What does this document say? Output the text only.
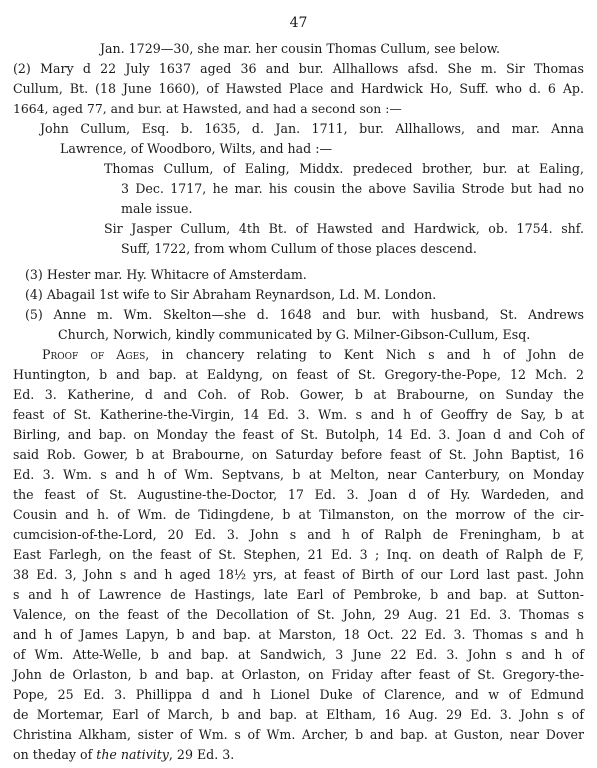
47
Jan. 1729—30, she mar. her cousin Thomas Cullum, see below.
(2) Mary d 22 July 1637 aged 36 and bur. Allhallows afsd. She m. Sir Thomas
Cullum, Bt. (18 June 1660), of Hawsted Place and Hardwick Ho, Suff. who d. 6 Ap.
1664, aged 77, and bur. at Hawsted, and had a second son :—
John Cullum, Esq. b. 1635, d. Jan. 1711, bur. Allhallows, and mar. Anna
Lawrence, of Woodboro, Wilts, and had :—
Thomas Cullum, of Ealing, Middx. predeced brother, bur. at Ealing,
3 Dec. 1717, he mar. his cousin the above Savilia Strode but had no
male issue.
Sir Jasper Cullum, 4th Bt. of Hawsted and Hardwick, ob. 1754. shf.
Suff, 1722, from whom Cullum of those places descend.
(3) Hester mar. Hy. Whitacre of Amsterdam.
(4) Abagail 1st wife to Sir Abraham Reynardson, Ld. M. London.
(5) Anne m. Wm. Skelton—she d. 1648 and bur. with husband, St. Andrews
Church, Norwich, kindly communicated by G. Milner-Gibson-Cullum, Esq.
Proof of Ages, in chancery relating to Kent Nich s and h of John de
Huntington, b and bap. at Ealdyng, on feast of St. Gregory-the-Pope, 12 Mch. 2
Ed. 3. Katherine, d and Coh. of Rob. Gower, b at Brabourne, on Sunday the
feast of St. Katherine-the-Virgin, 14 Ed. 3. Wm. s and h of Geoffry de Say, b at
Birling, and bap. on Monday the feast of St. Butolph, 14 Ed. 3. Joan d and Coh of
said Rob. Gower, b at Brabourne, on Saturday before feast of St. John Baptist, 16
Ed. 3. Wm. s and h of Wm. Septvans, b at Melton, near Canterbury, on Monday
the feast of St. Augustine-the-Doctor, 17 Ed. 3. Joan d of Hy. Wardeden, and
Cousin and h. of Wm. de Tidingdene, b at Tilmanston, on the morrow of the cir-
cumcision-of-the-Lord, 20 Ed. 3. John s and h of Ralph de Freningham, b at
East Farlegh, on the feast of St. Stephen, 21 Ed. 3 ; Inq. on death of Ralph de F,
38 Ed. 3, John s and h aged 18½ yrs, at feast of Birth of our Lord last past. John
s and h of Lawrence de Hastings, late Earl of Pembroke, b and bap. at Sutton-
Valence, on the feast of the Decollation of St. John, 29 Aug. 21 Ed. 3. Thomas s
and h of James Lapyn, b and bap. at Marston, 18 Oct. 22 Ed. 3. Thomas s and h
of Wm. Atte-Welle, b and bap. at Sandwich, 3 June 22 Ed. 3. John s and h of
John de Orlaston, b and bap. at Orlaston, on Friday after feast of St. Gregory-the-
Pope, 25 Ed. 3. Phillippa d and h Lionel Duke of Clarence, and w of Edmund
de Mortemar, Earl of March, b and bap. at Eltham, 16 Aug. 29 Ed. 3. John s of
Christina Alkham, sister of Wm. s of Wm. Archer, b and bap. at Guston, near Dover
on theday of the nativity, 29 Ed. 3.
